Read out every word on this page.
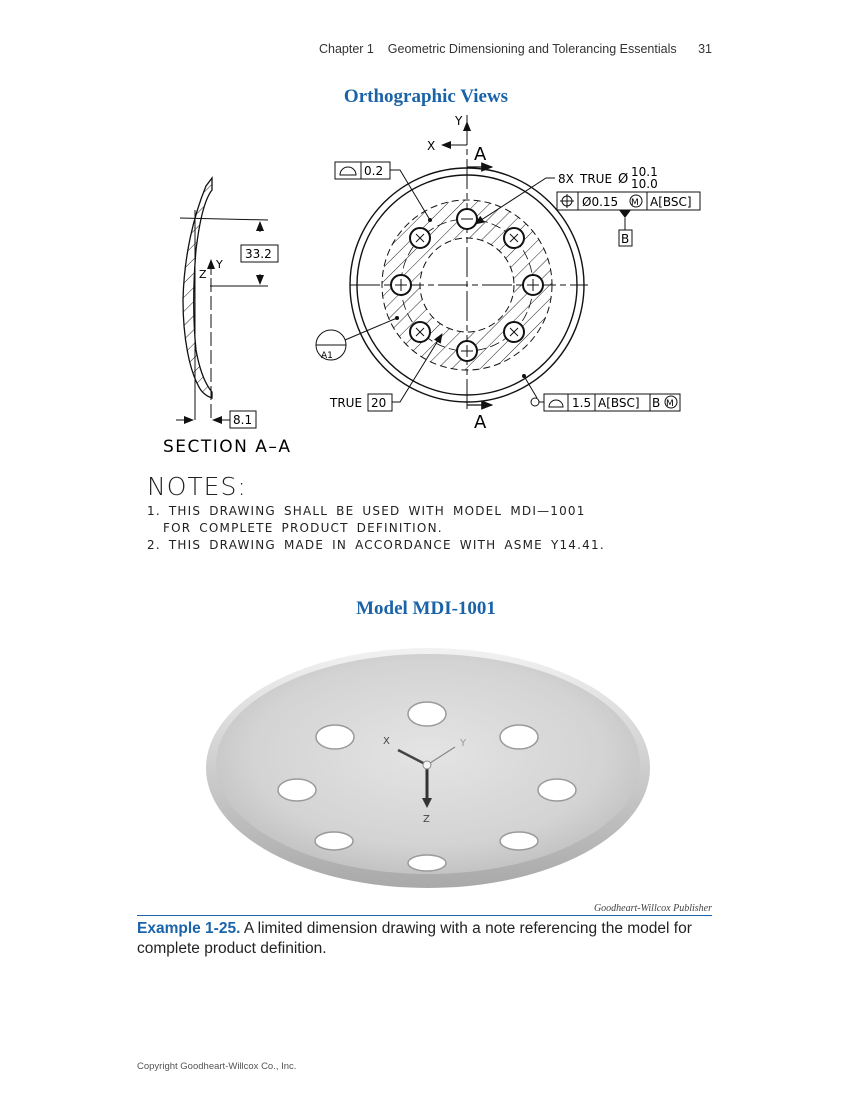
Chapter 1 Geometric Dimensioning and Tolerancing Essentials 31
Orthographic Views
Y
X A
A
0.2
8X TRUE Ø 10.1
10.0
Ø0.15 M A[BSC]
B
A1
TRUE 20	1.5 A[BSC] B M
33.2
Y
Z
8.1
SECTION A–A
NOTES:
1. THIS DRAWING SHALL BE USED WITH MODEL MDI—1001
FOR COMPLETE PRODUCT DEFINITION.
2. THIS DRAWING MADE IN ACCORDANCE WITH ASME Y14.41.
Model MDI-1001
X	Y
Z
Goodheart-Willcox Publisher
Example 1-25. A limited dimension drawing with a note referencing the model for complete product definition.
Copyright Goodheart-Willcox Co., Inc.
